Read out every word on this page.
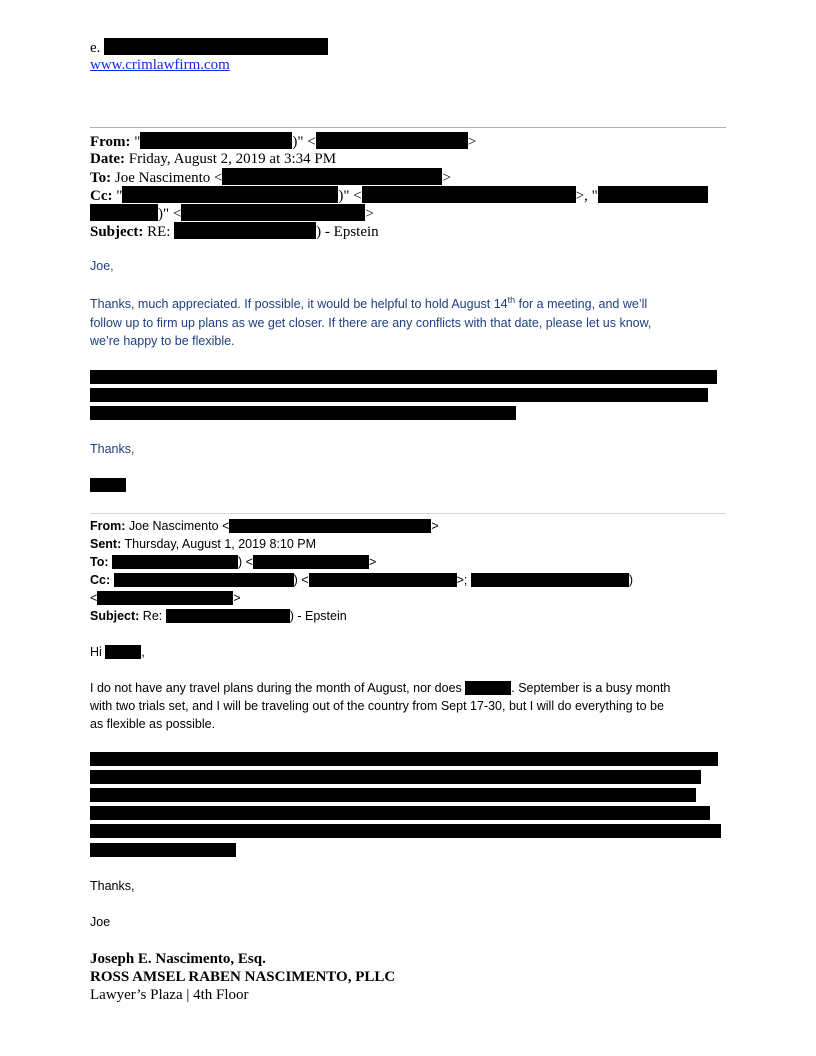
e.
www.crimlawfirm.com
From: "	)" <	>
Date: Friday, August 2, 2019 at 3:34 PM
To: Joe Nascimento <	>
Cc: "	)" <	>, "
)" <	>
Subject: RE:	) - Epstein
Joe,
Thanks, much appreciated. If possible, it would be helpful to hold August 14th for a meeting, and we’ll
follow up to firm up plans as we get closer. If there are any conflicts with that date, please let us know,
we’re happy to be flexible.
Thanks,
From: Joe Nascimento <	>
Sent: Thursday, August 1, 2019 8:10 PM
To:	) <	>
Cc:	) <	>;	)
<	>
Subject: Re:	) - Epstein
Hi	,
I do not have any travel plans during the month of August, nor does	. September is a busy month
with two trials set, and I will be traveling out of the country from Sept 17-30, but I will do everything to be
as flexible as possible.
Thanks,
Joe
Joseph E. Nascimento, Esq.
ROSS AMSEL RABEN NASCIMENTO, PLLC
Lawyer’s Plaza | 4th Floor
